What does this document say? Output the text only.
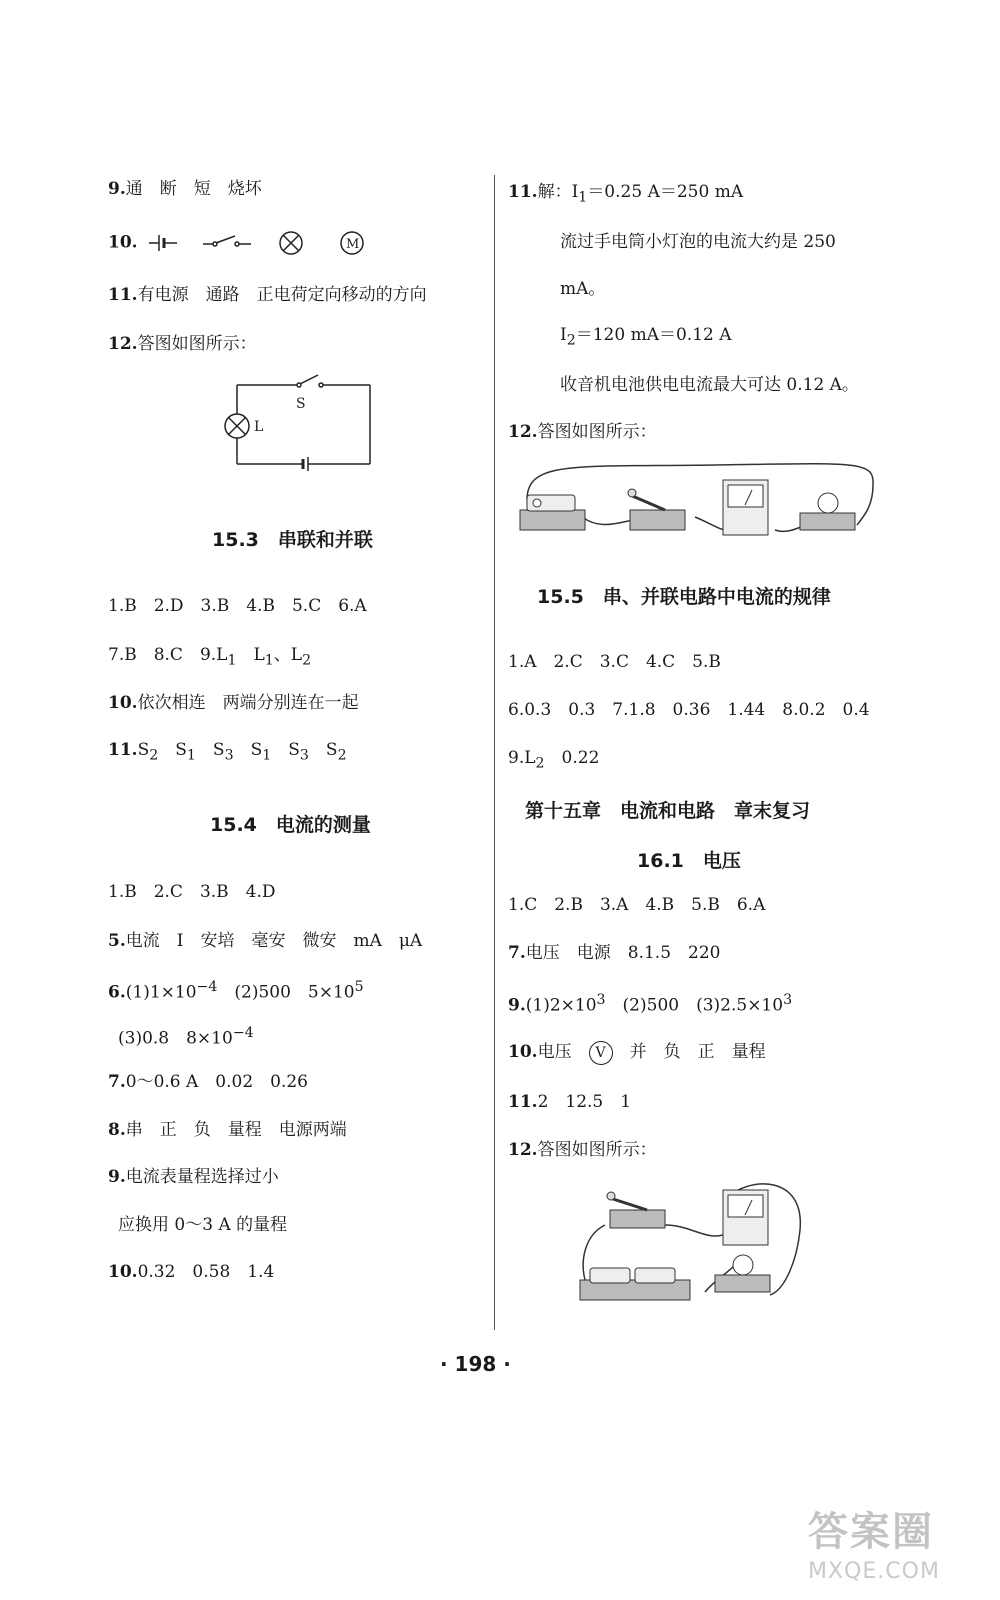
9.通　断　短　烧坏
10.	M
11.有电源　通路　正电荷定向移动的方向
12.答图如图所示：
S
L
15.3　串联和并联
1.B　2.D　3.B　4.B　5.C　6.A
7.B　8.C　$9.L_1$　$L_1$、$L_2$
10.依次相连　两端分别连在一起
$11.S_2$　$S_1$　$S_3$　$S_1$　$S_3$　$S_2$
15.4　电流的测量
1.B　2.C　3.B　4.D
5.电流　I　安培　毫安　微安　mA　μA
$6.(1)1\times 10^{-4}$　(2)500　$5\times 10^5$
(3)0.8　$8\times 10^{-4}$
7.0～0.6 A　0.02　0.26
8.串　正　负　量程　电源两端
9.电流表量程选择过小
应换用 0～3 A 的量程
10.0.32　0.58　1.4
11.解：$I_1=0.25$ A＝250 mA
流过手电筒小灯泡的电流大约是 250
mA。
$I_2=120$ mA＝0.12 A
收音机电池供电电流最大可达 0.12 A。
12.答图如图所示：
15.5　串、并联电路中电流的规律
1.A　2.C　3.C　4.C　5.B
6.0.3　0.3　7.1.8　0.36　1.44　8.0.2　0.4
$9.L_2$　0.22
第十五章　电流和电路　章末复习
16.1　电压
1.C　2.B　3.A　4.B　5.B　6.A
7.电压　电源　8.1.5　220
$9.(1)2\times 10^3$　(2)500　$(3)2.5\times 10^3$
10.电压　V　并　负　正　量程
11.2　12.5　1
12.答图如图所示：
· 198 ·
答案圈
MXQE.COM
